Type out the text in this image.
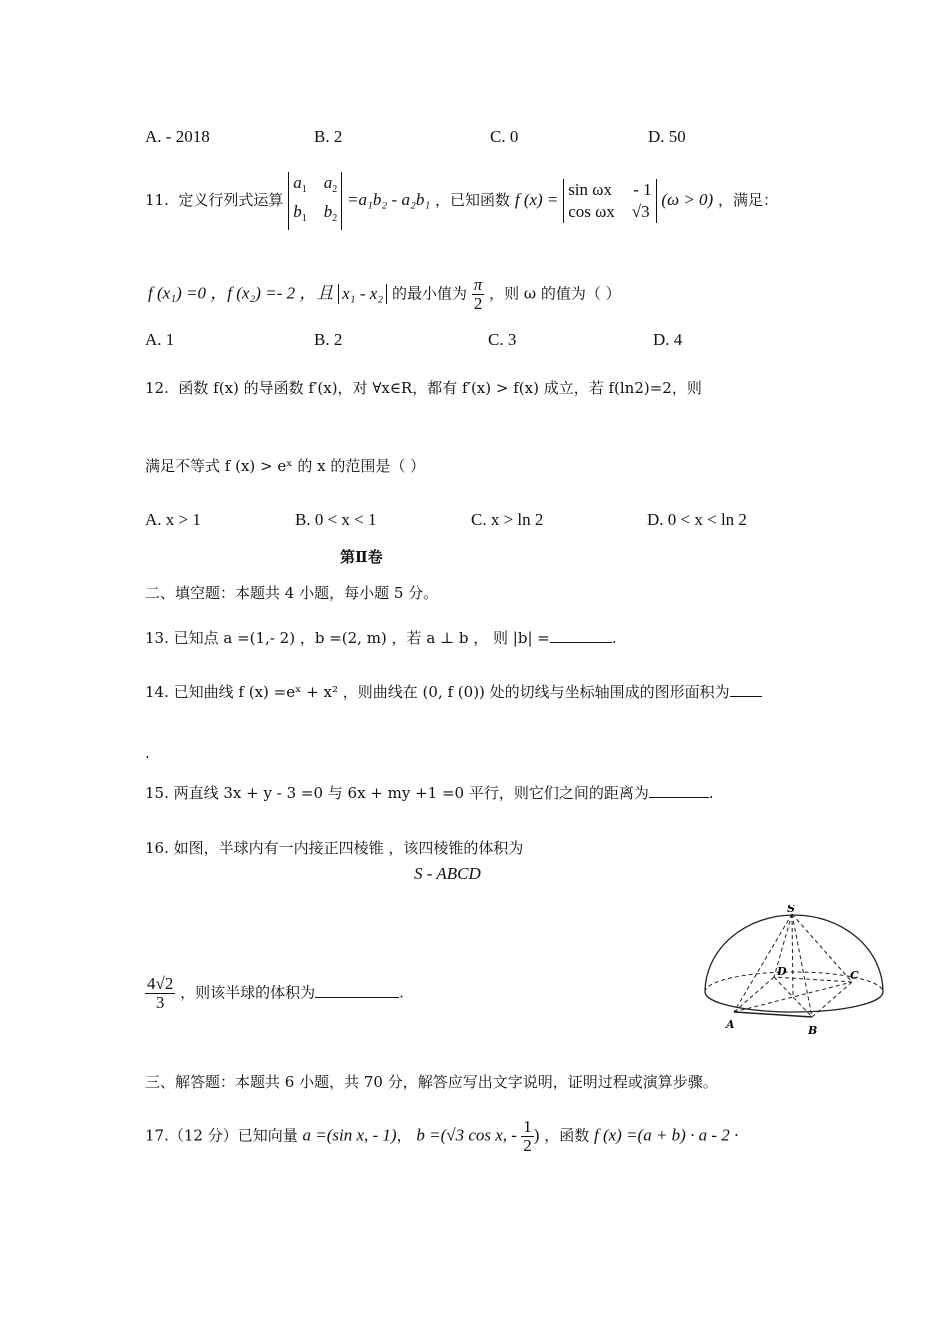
A. - 2018	B. 2	C. 0	D. 50
11. 定义行列式运算 $a_1$ $a_2$
$b_1$ $b_2 =a_1b_2 - a_2b_1$ ，已知函数 f (x) = sin ωx - 1
cos ωx √3 (ω > 0) ，满足：
f (x₁) =0 ，f (x₂) =- 2 ，且 x₁ - x₂ 的最小值为 $\frac{\pi}{2}$ ，则 ω 的值为（ ）
A. 1	B. 2	C. 3	D. 4
12. 函数 f(x) 的导函数 f′(x)，对 ∀x∈R，都有 f′(x) > f(x) 成立，若 f(ln2)=2，则
满足不等式 f (x) > eˣ 的 x 的范围是（ ）
A. x > 1	B. 0 < x < 1	C. x > ln 2	D. 0 < x < ln 2
第Ⅱ卷
二、填空题：本题共 4 小题，每小题 5 分。
13. 已知点 a =(1,- 2) ，b =(2, m) ，若 a ⊥ b ， 则 |b| =	.
14. 已知曲线 f (x) =eˣ + x² ，则曲线在 (0, f (0)) 处的切线与坐标轴围成的图形面积为
.
15. 两直线 3x + y - 3 =0 与 6x + my +1 =0 平行，则它们之间的距离为	.
16. 如图，半球内有一内接正四棱锥 ，该四棱锥的体积为
S - ABCD
$\frac{4√2}{3}$ ，则该半球的体积为	.
S
A	B
C
D
三、解答题：本题共 6 小题，共 70 分，解答应写出文字说明，证明过程或演算步骤。
17.（12 分）已知向量 a =(sin x, - 1)， b =(√3 cos x, - $\frac{1}{2}$ ) ，函数 f (x) =(a + b) · a - 2 ·
